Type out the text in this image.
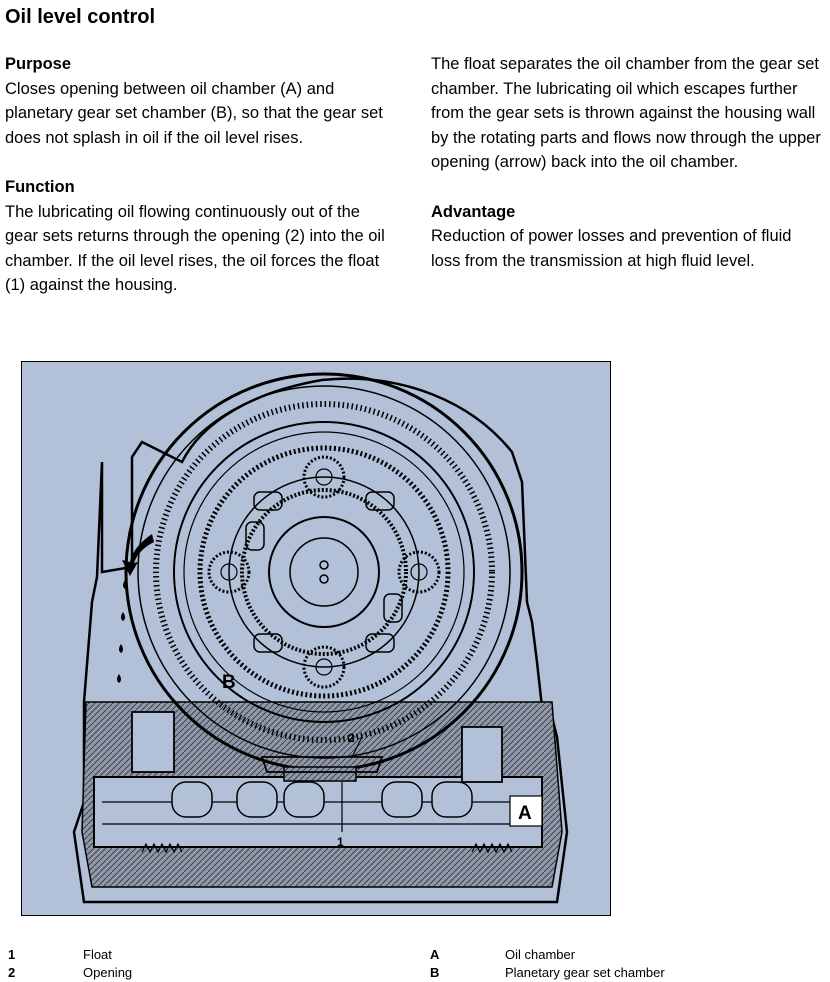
Oil level control
Purpose

Closes opening between oil chamber (A) and planetary gear set chamber (B), so that the gear set does not splash in oil if the oil level rises.

Function

The lubricating oil flowing continuously out of the gear sets returns through the opening (2) into the oil chamber. If the oil level rises, the oil forces the float (1) against the housing.

The float separates the oil chamber from the gear set chamber. The lubricating oil which escapes further from the gear sets is thrown against the housing wall by the rotating parts and flows now through the upper opening (arrow) back into the oil chamber.

Advantage

Reduction of power losses and prevention of fluid loss from the transmission at high fluid level.

B
A
2
1
1	Float
2	Opening
A	Oil chamber
B	Planetary gear set chamber
